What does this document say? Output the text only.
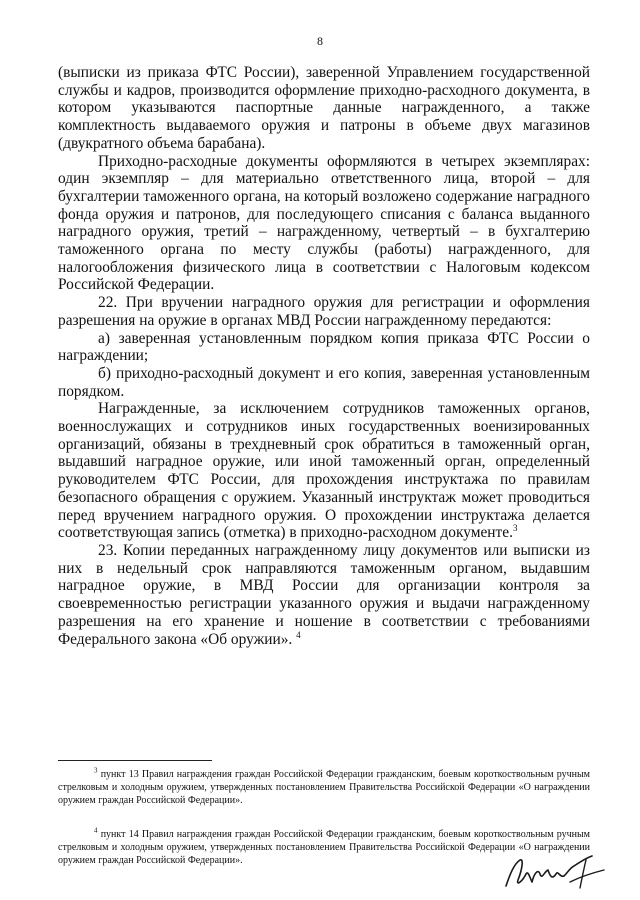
8

(выписки из приказа ФТС России), заверенной Управлением государственной службы и кадров, производится оформление приходно-расходного документа, в котором указываются паспортные данные награжденного, а также комплектность выдаваемого оружия и патроны в объеме двух магазинов (двукратного объема барабана).

Приходно-расходные документы оформляются в четырех экземплярах: один экземпляр – для материально ответственного лица, второй – для бухгалтерии таможенного органа, на который возложено содержание наградного фонда оружия и патронов, для последующего списания с баланса выданного наградного оружия, третий – награжденному, четвертый – в бухгалтерию таможенного органа по месту службы (работы) награжденного, для налогообложения физического лица в соответствии с Налоговым кодексом Российской Федерации.

22. При вручении наградного оружия для регистрации и оформления разрешения на оружие в органах МВД России награжденному передаются:

а) заверенная установленным порядком копия приказа ФТС России о награждении;

б) приходно-расходный документ и его копия, заверенная установленным порядком.

Награжденные, за исключением сотрудников таможенных органов, военнослужащих и сотрудников иных государственных военизированных организаций, обязаны в трехдневный срок обратиться в таможенный орган, выдавший наградное оружие, или иной таможенный орган, определенный руководителем ФТС России, для прохождения инструктажа по правилам безопасного обращения с оружием. Указанный инструктаж может проводиться перед вручением наградного оружия. О прохождении инструктажа делается соответствующая запись (отметка) в приходно-расходном документе.$^3$

23. Копии переданных награжденному лицу документов или выписки из них в недельный срок направляются таможенным органом, выдавшим наградное оружие, в МВД России для организации контроля за своевременностью регистрации указанного оружия и выдачи награжденному разрешения на его хранение и ношение в соответствии с требованиями Федерального закона «Об оружии». $^4$

$^3$ пункт 13 Правил награждения граждан Российской Федерации гражданским, боевым короткоствольным ручным стрелковым и холодным оружием, утвержденных постановлением Правительства Российской Федерации «О награждении оружием граждан Российской Федерации».

$^4$ пункт 14 Правил награждения граждан Российской Федерации гражданским, боевым короткоствольным ручным стрелковым и холодным оружием, утвержденных постановлением Правительства Российской Федерации «О награждении оружием граждан Российской Федерации».
